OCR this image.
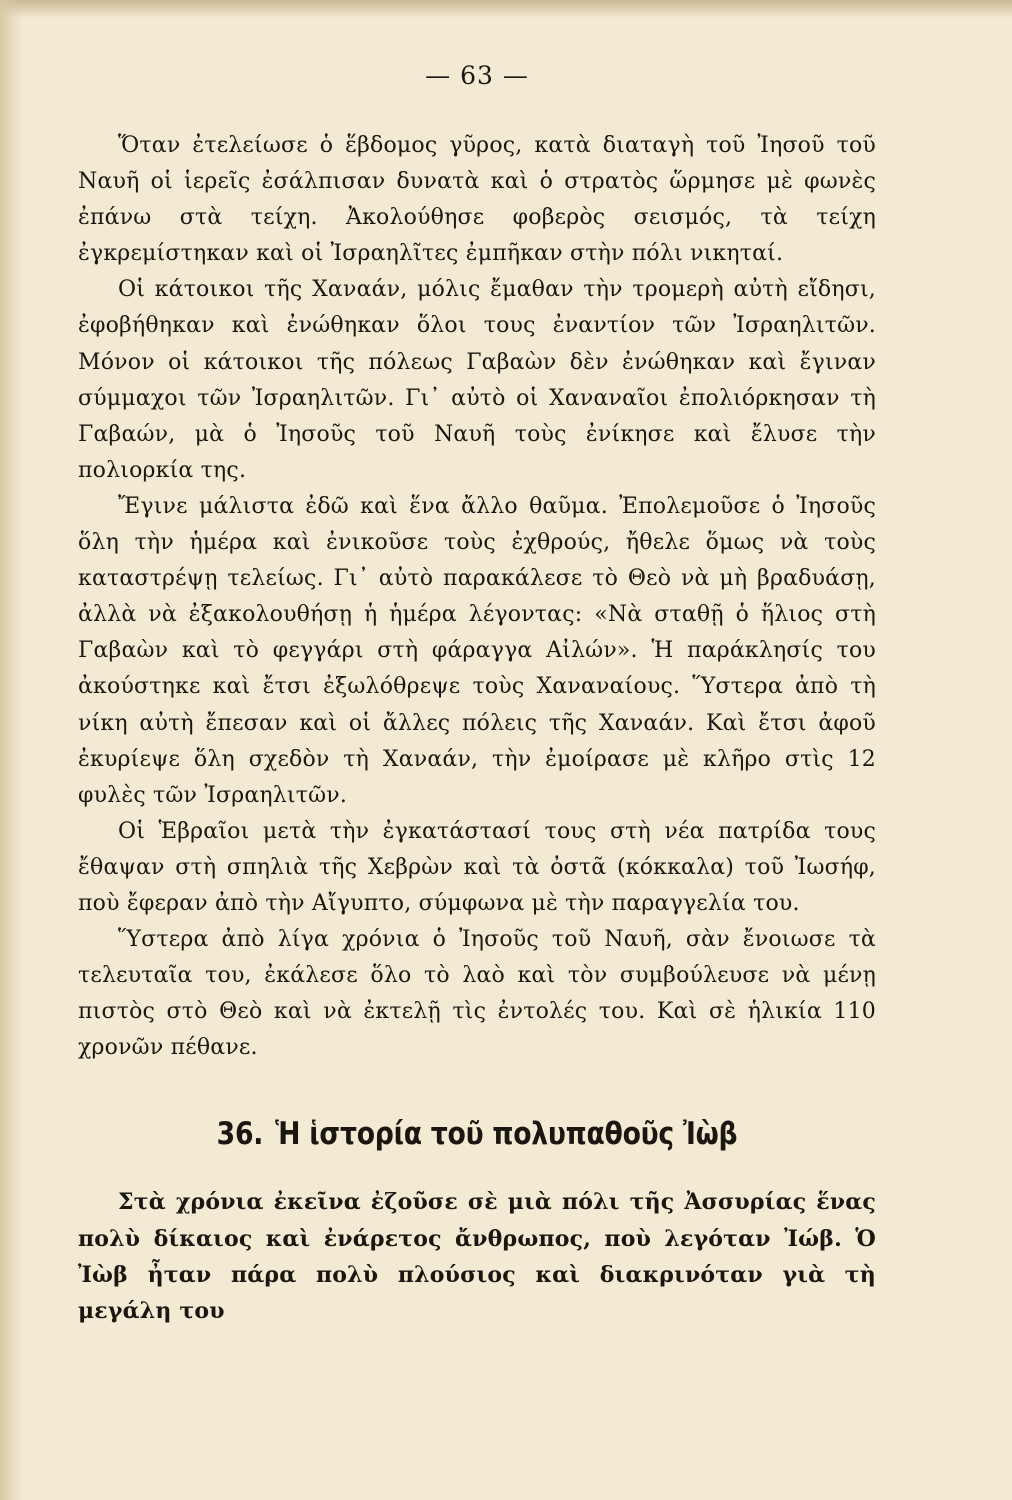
— 63 —

Ὅταν ἐτελείωσε ὁ ἕβδομος γῦρος, κατὰ διαταγὴ τοῦ Ἰησοῦ τοῦ Ναυῆ οἱ ἱερεῖς ἐσάλπισαν δυνατὰ καὶ ὁ στρατὸς ὥρμησε μὲ φωνὲς ἐπάνω στὰ τείχη. Ἀκολούθησε φοβερὸς σεισμός, τὰ τείχη ἐγκρεμίστηκαν καὶ οἱ Ἰσραηλῖτες ἐμπῆκαν στὴν πόλι νικηταί.

Οἱ κάτοικοι τῆς Χαναάν, μόλις ἔμαθαν τὴν τρομερὴ αὐτὴ εἴδησι, ἐφοβήθηκαν καὶ ἐνώθηκαν ὅλοι τους ἐναντίον τῶν Ἰσραηλιτῶν. Μόνον οἱ κάτοικοι τῆς πόλεως Γαβαὼν δὲν ἐνώθηκαν καὶ ἔγιναν σύμμαχοι τῶν Ἰσραηλιτῶν. Γι᾽ αὐτὸ οἱ Χαναναῖοι ἐπολιόρκησαν τὴ Γαβαών, μὰ ὁ Ἰησοῦς τοῦ Ναυῆ τοὺς ἐνίκησε καὶ ἔλυσε τὴν πολιορκία της.

Ἔγινε μάλιστα ἐδῶ καὶ ἕνα ἄλλο θαῦμα. Ἐπολεμοῦσε ὁ Ἰησοῦς ὅλη τὴν ἡμέρα καὶ ἐνικοῦσε τοὺς ἐχθρούς, ἤθελε ὅμως νὰ τοὺς καταστρέψῃ τελείως. Γι᾽ αὐτὸ παρακάλεσε τὸ Θεὸ νὰ μὴ βραδυάσῃ, ἀλλὰ νὰ ἐξακολουθήσῃ ἡ ἡμέρα λέγοντας: «Νὰ σταθῇ ὁ ἥλιος στὴ Γαβαὼν καὶ τὸ φεγγάρι στὴ φάραγγα Αἰλών». Ἡ παράκλησίς του ἀκούστηκε καὶ ἔτσι ἐξωλόθρεψε τοὺς Χαναναίους. Ὕστερα ἀπὸ τὴ νίκη αὐτὴ ἔπεσαν καὶ οἱ ἄλλες πόλεις τῆς Χαναάν. Καὶ ἔτσι ἀφοῦ ἐκυρίεψε ὅλη σχεδὸν τὴ Χαναάν, τὴν ἐμοίρασε μὲ κλῆρο στὶς 12 φυλὲς τῶν Ἰσραηλιτῶν.

Οἱ Ἑβραῖοι μετὰ τὴν ἐγκατάστασί τους στὴ νέα πατρίδα τους ἔθαψαν στὴ σπηλιὰ τῆς Χεβρὼν καὶ τὰ ὀστᾶ (κόκκαλα) τοῦ Ἰωσήφ, ποὺ ἔφεραν ἀπὸ τὴν Αἴγυπτο, σύμφωνα μὲ τὴν παραγγελία του.

Ὕστερα ἀπὸ λίγα χρόνια ὁ Ἰησοῦς τοῦ Ναυῆ, σὰν ἔνοιωσε τὰ τελευταῖα του, ἐκάλεσε ὅλο τὸ λαὸ καὶ τὸν συμβούλευσε νὰ μένῃ πιστὸς στὸ Θεὸ καὶ νὰ ἐκτελῇ τὶς ἐντολές του. Καὶ σὲ ἡλικία 110 χρονῶν πέθανε.

36. Ἡ ἱστορία τοῦ πολυπαθοῦς Ἰὼβ

Στὰ χρόνια ἐκεῖνα ἐζοῦσε σὲ μιὰ πόλι τῆς Ἀσσυρίας ἕνας πολὺ δίκαιος καὶ ἐνάρετος ἄνθρωπος, ποὺ λεγόταν Ἰώβ. Ὁ Ἰὼβ ἦταν πάρα πολὺ πλούσιος καὶ διακρινόταν γιὰ τὴ μεγάλη του
